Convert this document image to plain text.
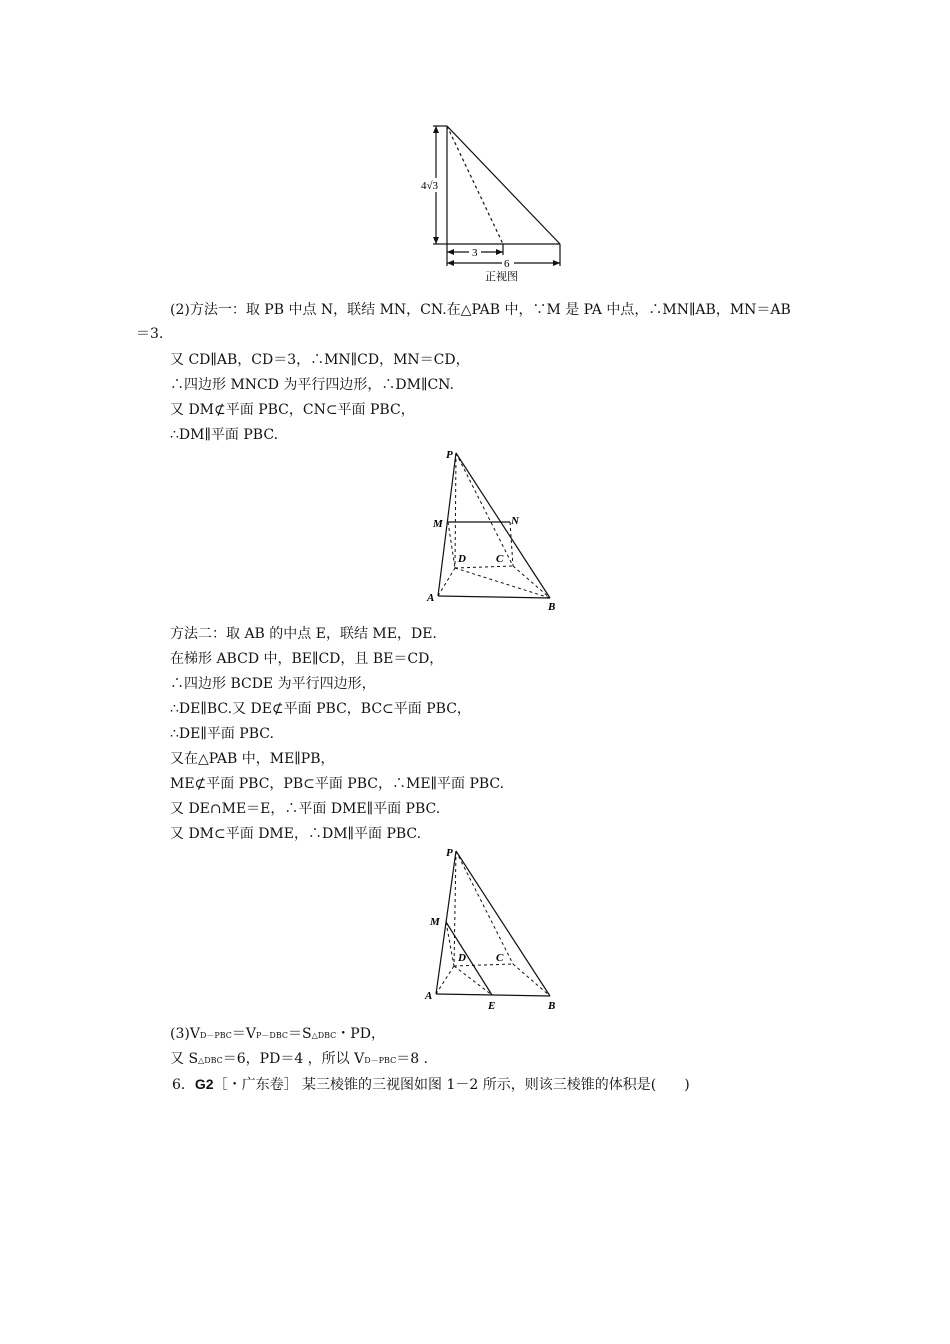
4√3
3
6
正视图
(2)方法一：取 PB 中点 N，联结 MN，CN.在△PAB 中，∵M 是 PA 中点，∴MN∥AB，MN＝AB
＝3.
又 CD∥AB，CD＝3，∴MN∥CD，MN＝CD，
∴四边形 MNCD 为平行四边形，∴DM∥CN.
又 DM⊄平面 PBC，CN⊂平面 PBC，
∴DM∥平面 PBC.
P
M	N
D	C
A
B
方法二：取 AB 的中点 E，联结 ME，DE.
在梯形 ABCD 中，BE∥CD，且 BE＝CD，
∴四边形 BCDE 为平行四边形，
∴DE∥BC.又 DE⊄平面 PBC，BC⊂平面 PBC，
∴DE∥平面 PBC.
又在△PAB 中，ME∥PB，
ME⊄平面 PBC，PB⊂平面 PBC，∴ME∥平面 PBC.
又 DE∩ME＝E，∴平面 DME∥平面 PBC.
又 DM⊂平面 DME，∴DM∥平面 PBC.
P
M
D	C
A
E	B
(3)VD－PBC＝VP－DBC＝S△DBC・PD，
又 S△DBC＝6，PD＝4 ，所以 VD－PBC＝8 .
6．G2［・广东卷］ 某三棱锥的三视图如图 1－2 所示，则该三棱锥的体积是(　　)
